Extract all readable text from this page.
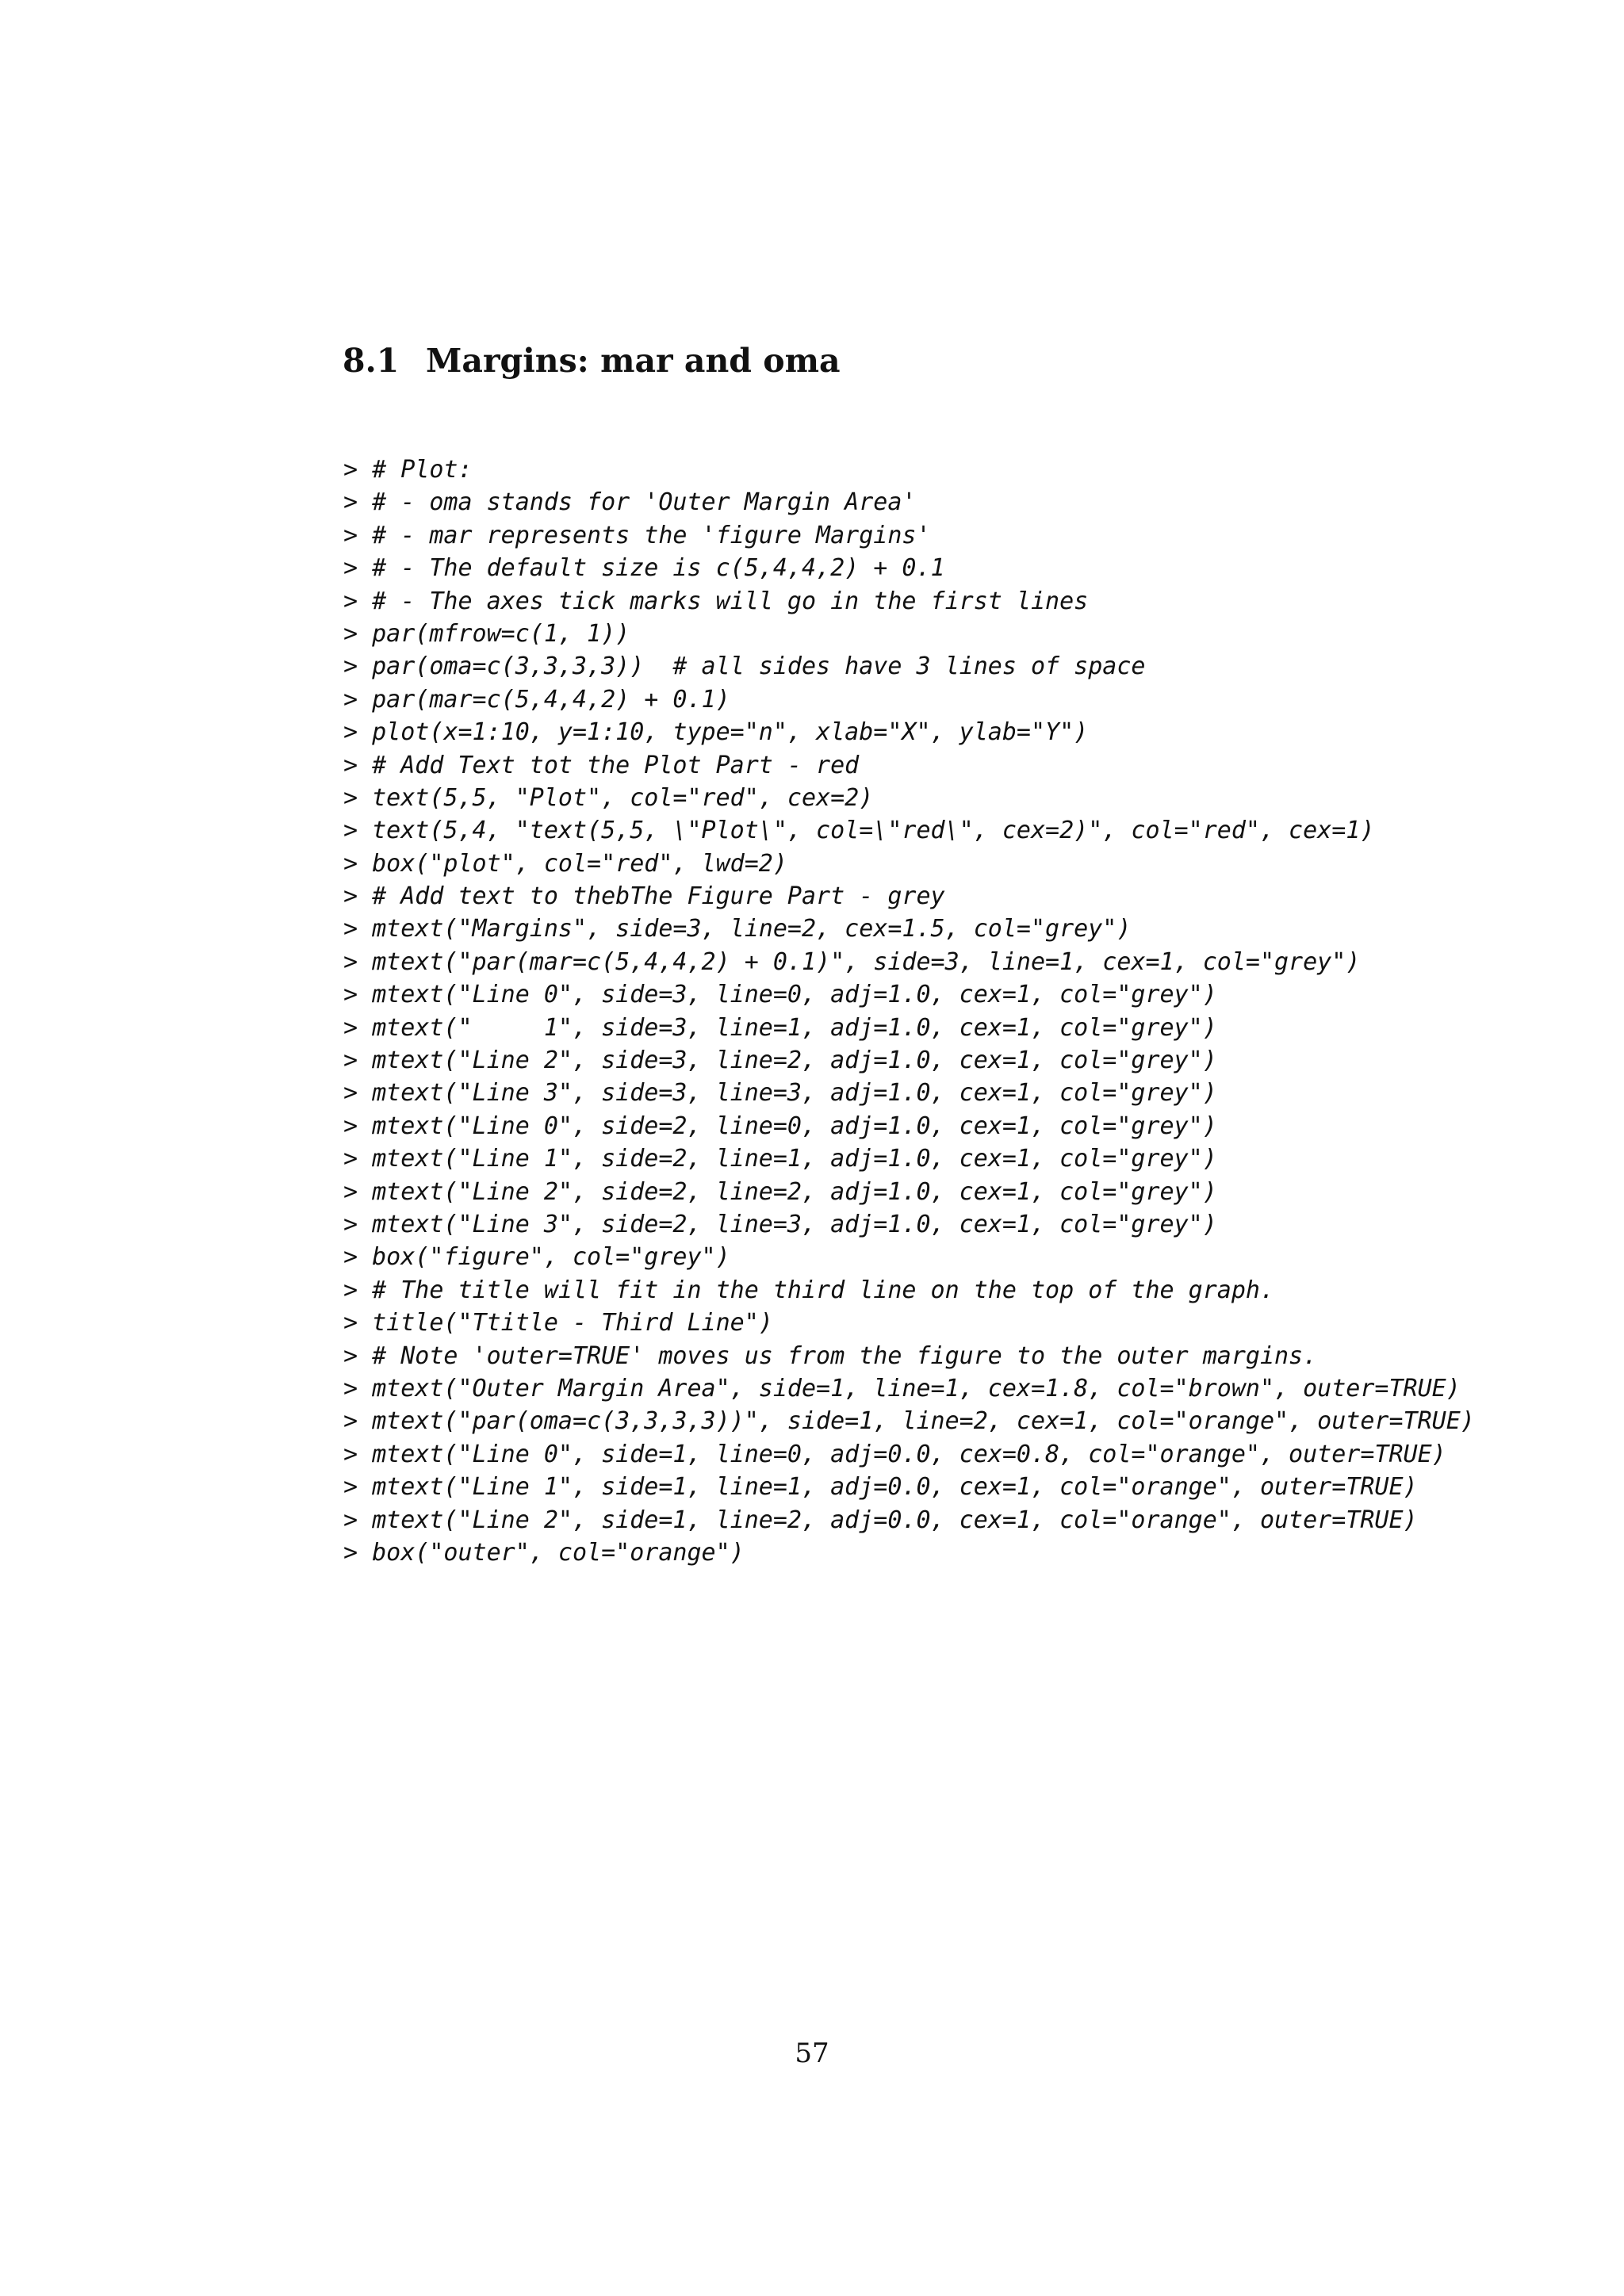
8.1 Margins: mar and oma
> # Plot:
> # - oma stands for 'Outer Margin Area'
> # - mar represents the 'figure Margins'
> # - The default size is c(5,4,4,2) + 0.1
> # - The axes tick marks will go in the first lines
> par(mfrow=c(1, 1))
> par(oma=c(3,3,3,3))  # all sides have 3 lines of space
> par(mar=c(5,4,4,2) + 0.1)
> plot(x=1:10, y=1:10, type="n", xlab="X", ylab="Y")
> # Add Text tot the Plot Part - red
> text(5,5, "Plot", col="red", cex=2)
> text(5,4, "text(5,5, \"Plot\", col=\"red\", cex=2)", col="red", cex=1)
> box("plot", col="red", lwd=2)
> # Add text to thebThe Figure Part - grey
> mtext("Margins", side=3, line=2, cex=1.5, col="grey")
> mtext("par(mar=c(5,4,4,2) + 0.1)", side=3, line=1, cex=1, col="grey")
> mtext("Line 0", side=3, line=0, adj=1.0, cex=1, col="grey")
> mtext("     1", side=3, line=1, adj=1.0, cex=1, col="grey")
> mtext("Line 2", side=3, line=2, adj=1.0, cex=1, col="grey")
> mtext("Line 3", side=3, line=3, adj=1.0, cex=1, col="grey")
> mtext("Line 0", side=2, line=0, adj=1.0, cex=1, col="grey")
> mtext("Line 1", side=2, line=1, adj=1.0, cex=1, col="grey")
> mtext("Line 2", side=2, line=2, adj=1.0, cex=1, col="grey")
> mtext("Line 3", side=2, line=3, adj=1.0, cex=1, col="grey")
> box("figure", col="grey")
> # The title will fit in the third line on the top of the graph.
> title("Ttitle - Third Line")
> # Note 'outer=TRUE' moves us from the figure to the outer margins.
> mtext("Outer Margin Area", side=1, line=1, cex=1.8, col="brown", outer=TRUE)
> mtext("par(oma=c(3,3,3,3))", side=1, line=2, cex=1, col="orange", outer=TRUE)
> mtext("Line 0", side=1, line=0, adj=0.0, cex=0.8, col="orange", outer=TRUE)
> mtext("Line 1", side=1, line=1, adj=0.0, cex=1, col="orange", outer=TRUE)
> mtext("Line 2", side=1, line=2, adj=0.0, cex=1, col="orange", outer=TRUE)
> box("outer", col="orange")
57
